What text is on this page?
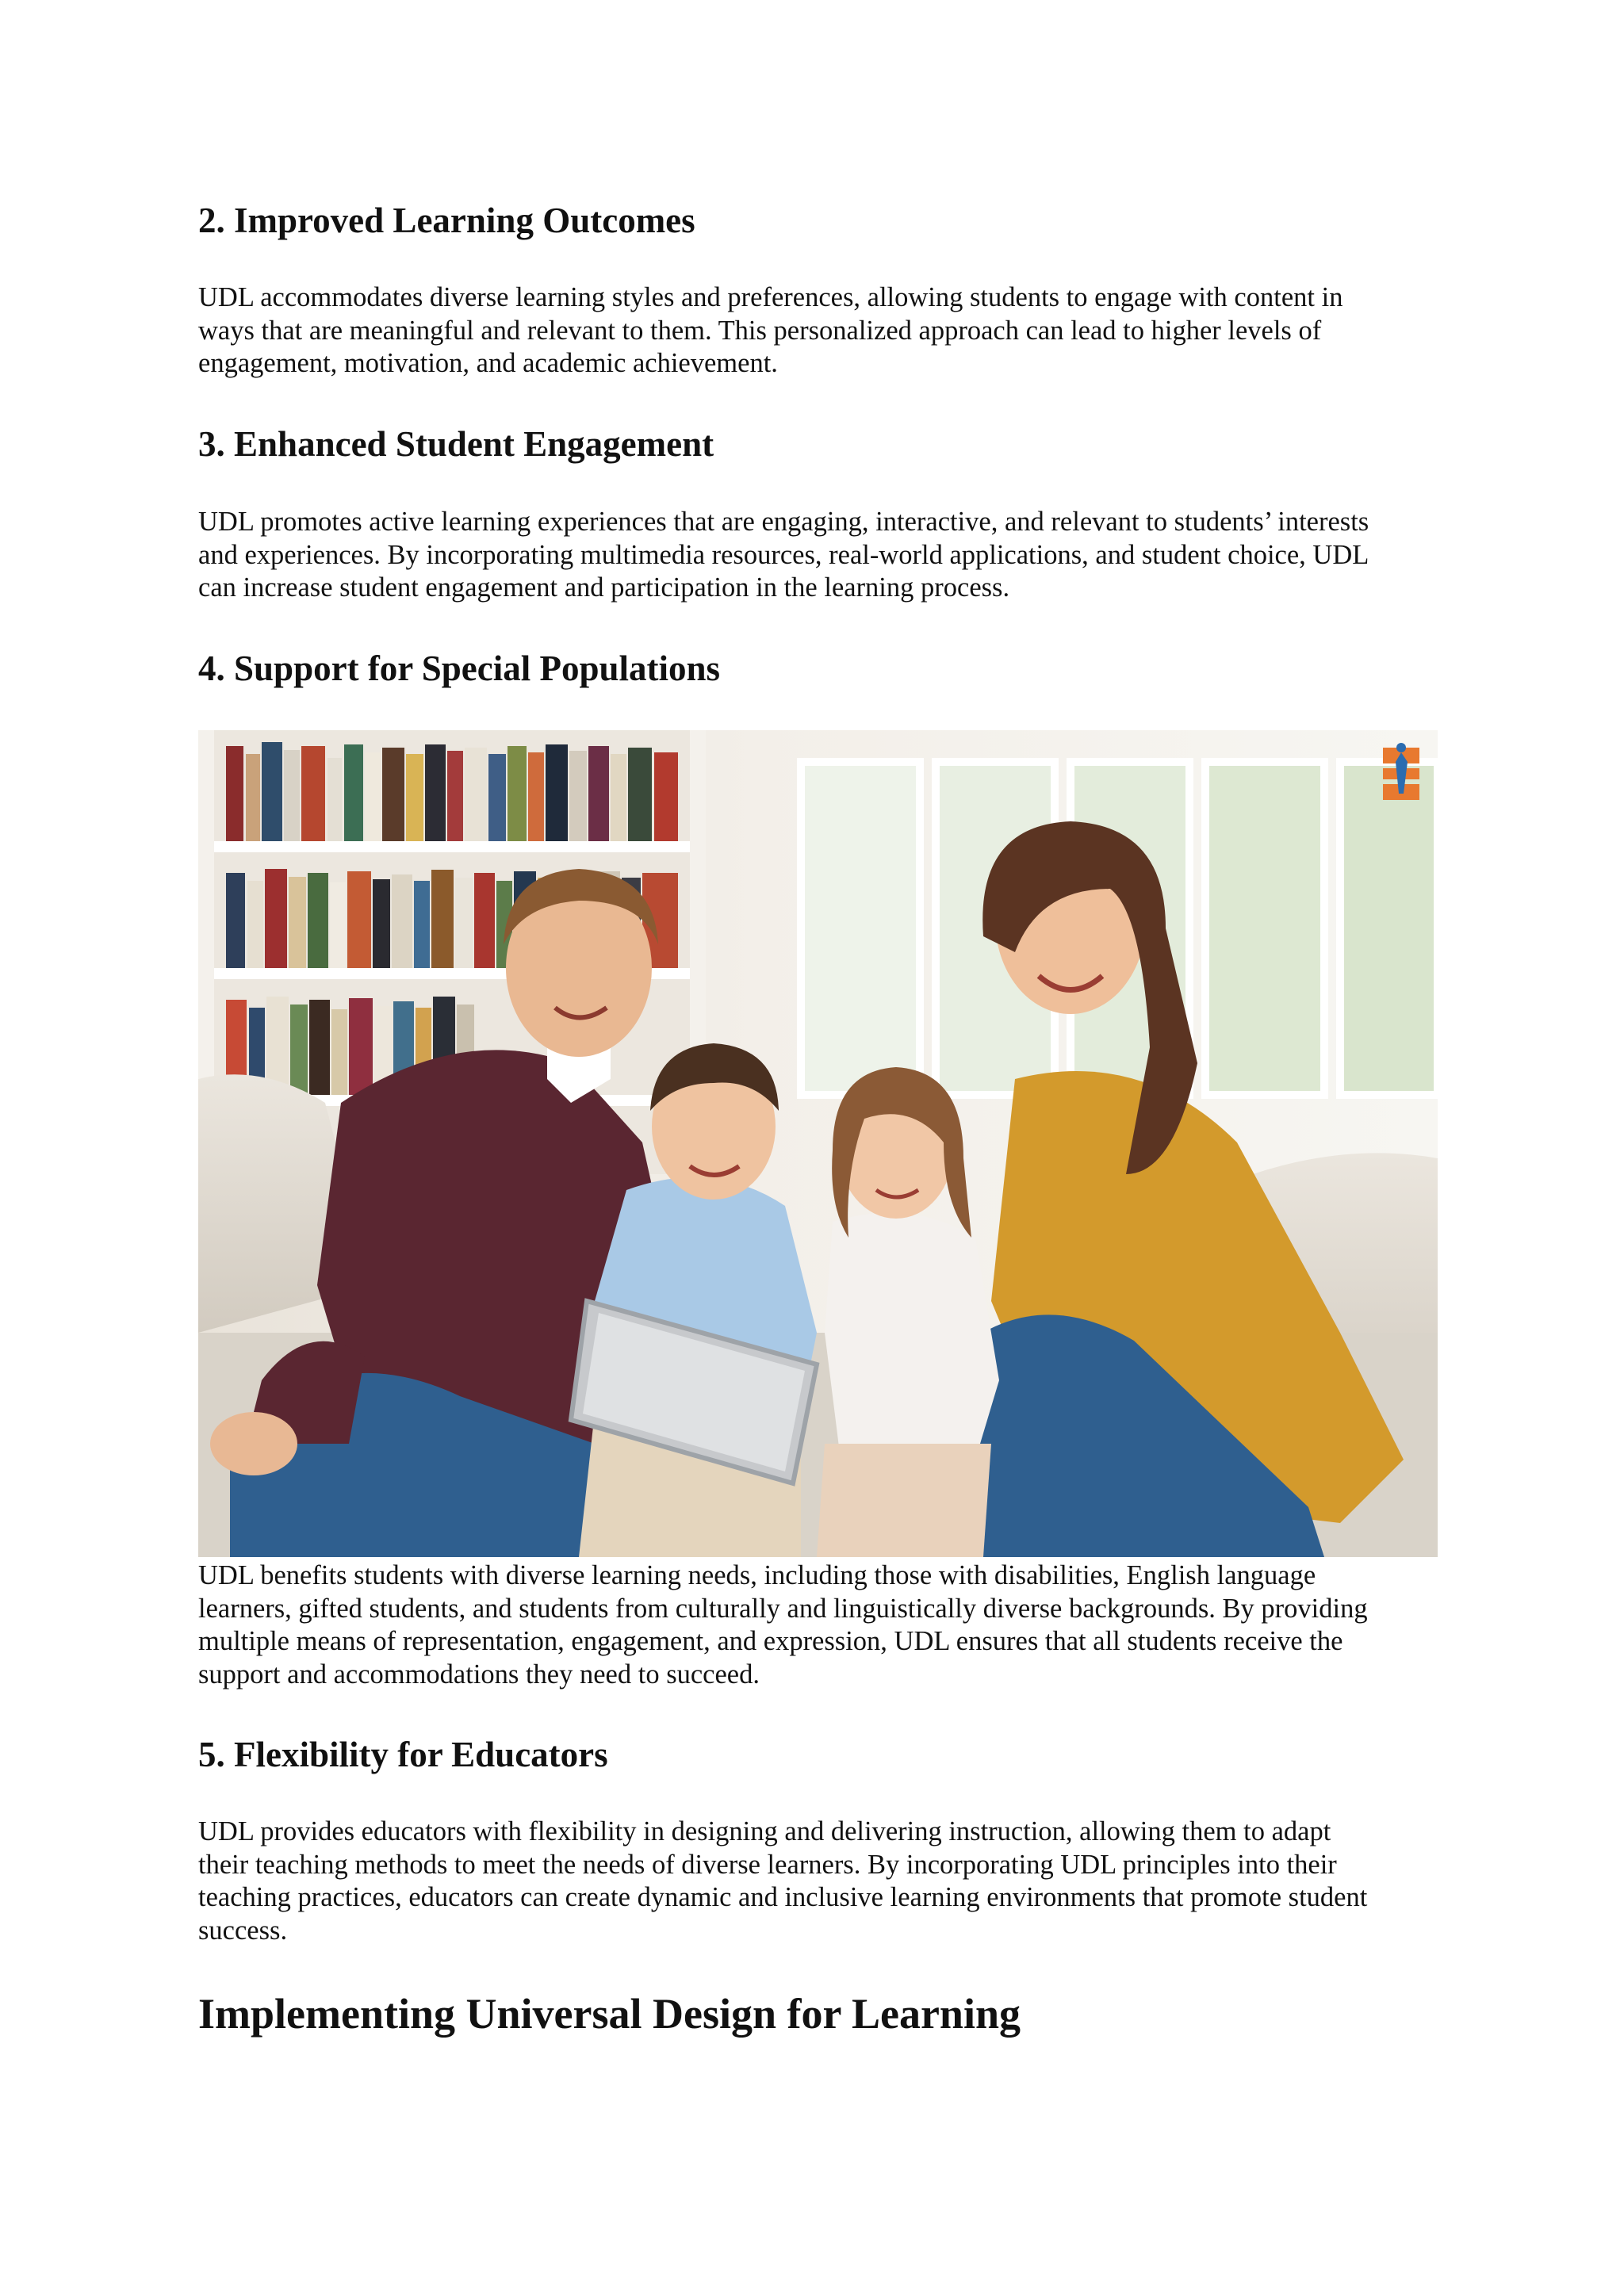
2. Improved Learning Outcomes

UDL accommodates diverse learning styles and preferences, allowing students to engage with content in
ways that are meaningful and relevant to them. This personalized approach can lead to higher levels of
engagement, motivation, and academic achievement.

3. Enhanced Student Engagement

UDL promotes active learning experiences that are engaging, interactive, and relevant to students’ interests
and experiences. By incorporating multimedia resources, real-world applications, and student choice, UDL
can increase student engagement and participation in the learning process.

4. Support for Special Populations

UDL benefits students with diverse learning needs, including those with disabilities, English language
learners, gifted students, and students from culturally and linguistically diverse backgrounds. By providing
multiple means of representation, engagement, and expression, UDL ensures that all students receive the
support and accommodations they need to succeed.

5. Flexibility for Educators

UDL provides educators with flexibility in designing and delivering instruction, allowing them to adapt
their teaching methods to meet the needs of diverse learners. By incorporating UDL principles into their
teaching practices, educators can create dynamic and inclusive learning environments that promote student
success.

Implementing Universal Design for Learning
